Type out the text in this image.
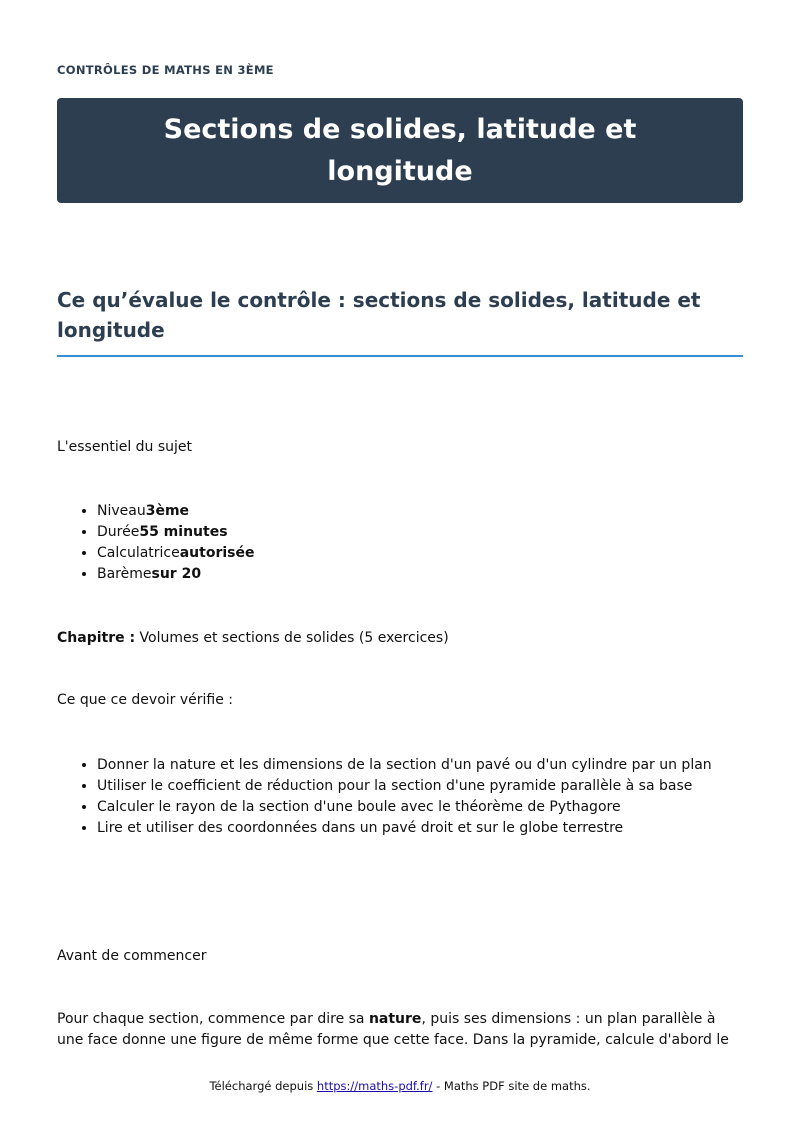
CONTRÔLES DE MATHS EN 3ÈME
Sections de solides, latitude et longitude
Ce qu’évalue le contrôle : sections de solides, latitude et longitude

L'essentiel du sujet

• Niveau3ème
• Durée55 minutes
• Calculatriceautorisée
• Barèmesur 20

Chapitre : Volumes et sections de solides (5 exercices)

Ce que ce devoir vérifie :

• Donner la nature et les dimensions de la section d'un pavé ou d'un cylindre par un plan
• Utiliser le coefficient de réduction pour la section d'une pyramide parallèle à sa base
• Calculer le rayon de la section d'une boule avec le théorème de Pythagore
• Lire et utiliser des coordonnées dans un pavé droit et sur le globe terrestre

Avant de commencer

Pour chaque section, commence par dire sa nature, puis ses dimensions : un plan parallèle à une face donne une figure de même forme que cette face. Dans la pyramide, calcule d'abord le

Téléchargé depuis https://maths-pdf.fr/ - Maths PDF site de maths.
